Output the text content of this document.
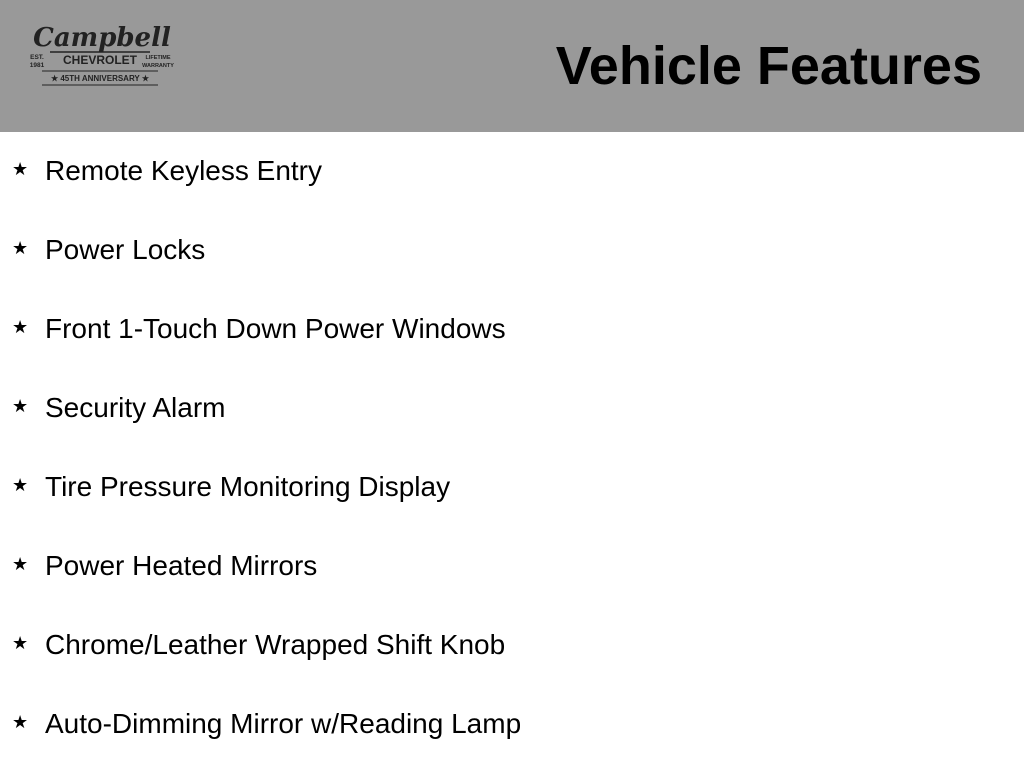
Campbell
CHEVROLET
EST.
1981
LIFETIME
WARRANTY
★ 45TH ANNIVERSARY ★	Vehicle Features
★ Remote Keyless Entry
★ Power Locks
★ Front 1-Touch Down Power Windows
★ Security Alarm
★ Tire Pressure Monitoring Display
★ Power Heated Mirrors
★ Chrome/Leather Wrapped Shift Knob
★ Auto-Dimming Mirror w/Reading Lamp
